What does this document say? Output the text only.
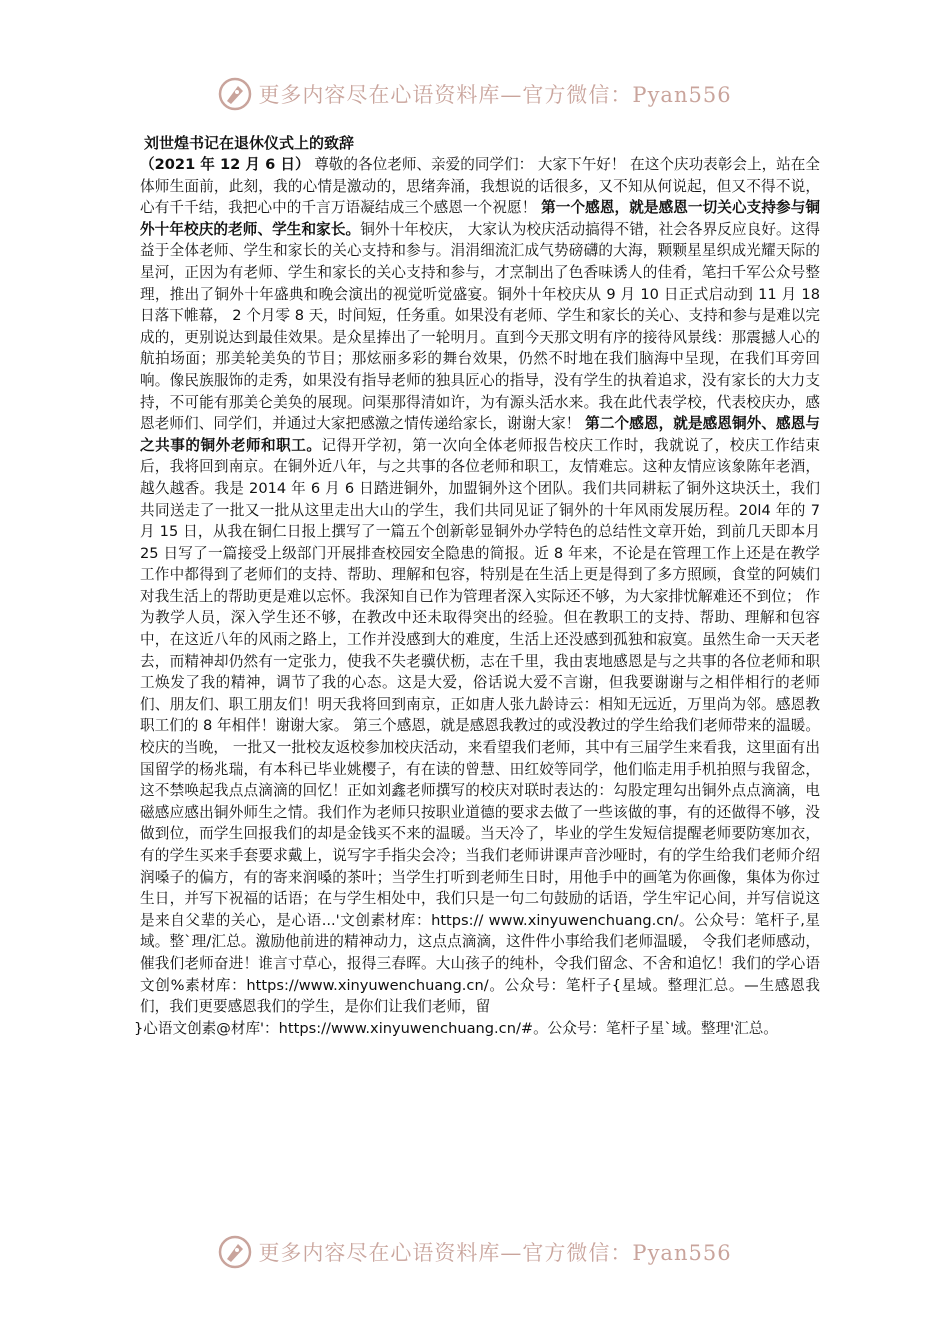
更多内容尽在心语资料库—官方微信：Pyan556

刘世煌书记在退休仪式上的致辞

（2021 年 12 月 6 日） 尊敬的各位老师、亲爱的同学们： 大家下午好！ 在这个庆功表彰会上，站在全体师生面前，此刻，我的心情是激动的，思绪奔涌，我想说的话很多，又不知从何说起，但又不得不说，心有千千结，我把心中的千言万语凝结成三个感恩一个祝愿！ 第一个感恩，就是感恩一切关心支持参与铜外十年校庆的老师、学生和家长。铜外十年校庆， 大家认为校庆活动搞得不错，社会各界反应良好。这得益于全体老师、学生和家长的关心支持和参与。涓涓细流汇成气势磅礴的大海，颗颗星星织成光耀天际的星河，正因为有老师、学生和家长的关心支持和参与，才烹制出了色香味诱人的佳肴，笔扫千军公众号整理，推出了铜外十年盛典和晚会演出的视觉听觉盛宴。铜外十年校庆从 9 月 10 日正式启动到 11 月 18 日落下帷幕， 2 个月零 8 天，时间短，任务重。如果没有老师、学生和家长的关心、支持和参与是难以完成的，更别说达到最佳效果。是众星捧出了一轮明月。直到今天那文明有序的接待风景线：那震撼人心的航拍场面；那美轮美奂的节目；那炫丽多彩的舞台效果，仍然不时地在我们脑海中呈现，在我们耳旁回响。像民族服饰的走秀，如果没有指导老师的独具匠心的指导，没有学生的执着追求，没有家长的大力支持，不可能有那美仑美奂的展现。问渠那得清如许，为有源头活水来。我在此代表学校，代表校庆办，感恩老师们、同学们，并通过大家把感激之情传递给家长，谢谢大家！ 第二个感恩，就是感恩铜外、感恩与之共事的铜外老师和职工。记得开学初，第一次向全体老师报告校庆工作时，我就说了，校庆工作结束后，我将回到南京。在铜外近八年，与之共事的各位老师和职工，友情难忘。这种友情应该象陈年老酒，越久越香。我是 2014 年 6 月 6 日踏进铜外，加盟铜外这个团队。我们共同耕耘了铜外这块沃土，我们共同送走了一批又一批从这里走出大山的学生，我们共同见证了铜外的十年风雨发展历程。20l4 年的 7 月 15 日，从我在铜仁日报上撰写了一篇五个创新彰显铜外办学特色的总结性文章开始，到前几天即本月 25 日写了一篇接受上级部门开展排查校园安全隐患的简报。近 8 年来，不论是在管理工作上还是在教学工作中都得到了老师们的支持、帮助、理解和包容，特别是在生活上更是得到了多方照顾，食堂的阿姨们对我生活上的帮助更是难以忘怀。我深知自已作为管理者深入实际还不够，为大家排忧解难还不到位； 作为教学人员，深入学生还不够，在教改中还未取得突出的经验。但在教职工的支持、帮助、理解和包容中，在这近八年的风雨之路上，工作并没感到大的难度，生活上还没感到孤独和寂寞。虽然生命一天天老去，而精神却仍然有一定张力，使我不失老骥伏枥，志在千里，我由衷地感恩是与之共事的各位老师和职工焕发了我的精神，调节了我的心态。这是大爱，俗话说大爱不言谢，但我要谢谢与之相伴相行的老师们、朋友们、职工朋友们！明天我将回到南京，正如唐人张九龄诗云：相知无远近，万里尚为邻。感恩教职工们的 8 年相伴！谢谢大家。 第三个感恩，就是感恩我教过的或没教过的学生给我们老师带来的温暖。校庆的当晚， 一批又一批校友返校参加校庆活动，来看望我们老师，其中有三届学生来看我，这里面有出国留学的杨兆瑞，有本科已毕业姚樱子，有在读的曾慧、田红姣等同学，他们临走用手机拍照与我留念，这不禁唤起我点点滴滴的回忆！正如刘鑫老师撰写的校庆对联时表达的：勾股定理勾出铜外点点滴滴，电磁感应感出铜外师生之情。我们作为老师只按职业道德的要求去做了一些该做的事，有的还做得不够，没做到位，而学生回报我们的却是金钱买不来的温暖。当天冷了，毕业的学生发短信提醒老师要防寒加衣，有的学生买来手套要求戴上，说写字手指尖会冷；当我们老师讲课声音沙哑时，有的学生给我们老师介绍润嗓子的偏方，有的寄来润嗓的茶叶；当学生打听到老师生日时，用他手中的画笔为你画像，集体为你过生日，并写下祝福的话语；在与学生相处中，我们只是一句二句鼓励的话语，学生牢记心间，并写信说这是来自父辈的关心，是心语...'文创素材库：https:// www.xinyuwenchuang.cn/。公众号：笔杆子,星域。整`理/汇总。激励他前进的精神动力，这点点滴滴，这件件小事给我们老师温暖， 令我们老师感动，催我们老师奋进！谁言寸草心，报得三春晖。大山孩子的纯朴，令我们留念、不舍和追忆！我们的学心语文创%素材库：https://www.xinyuwenchuang.cn/。公众号：笔杆子{星域。整理汇总。—生感恩我们，我们更要感恩我们的学生，是你们让我们老师，留

}心语文创素@材库'：https://www.xinyuwenchuang.cn/#。公众号：笔杆子星`域。整理'汇总。

更多内容尽在心语资料库—官方微信：Pyan556
